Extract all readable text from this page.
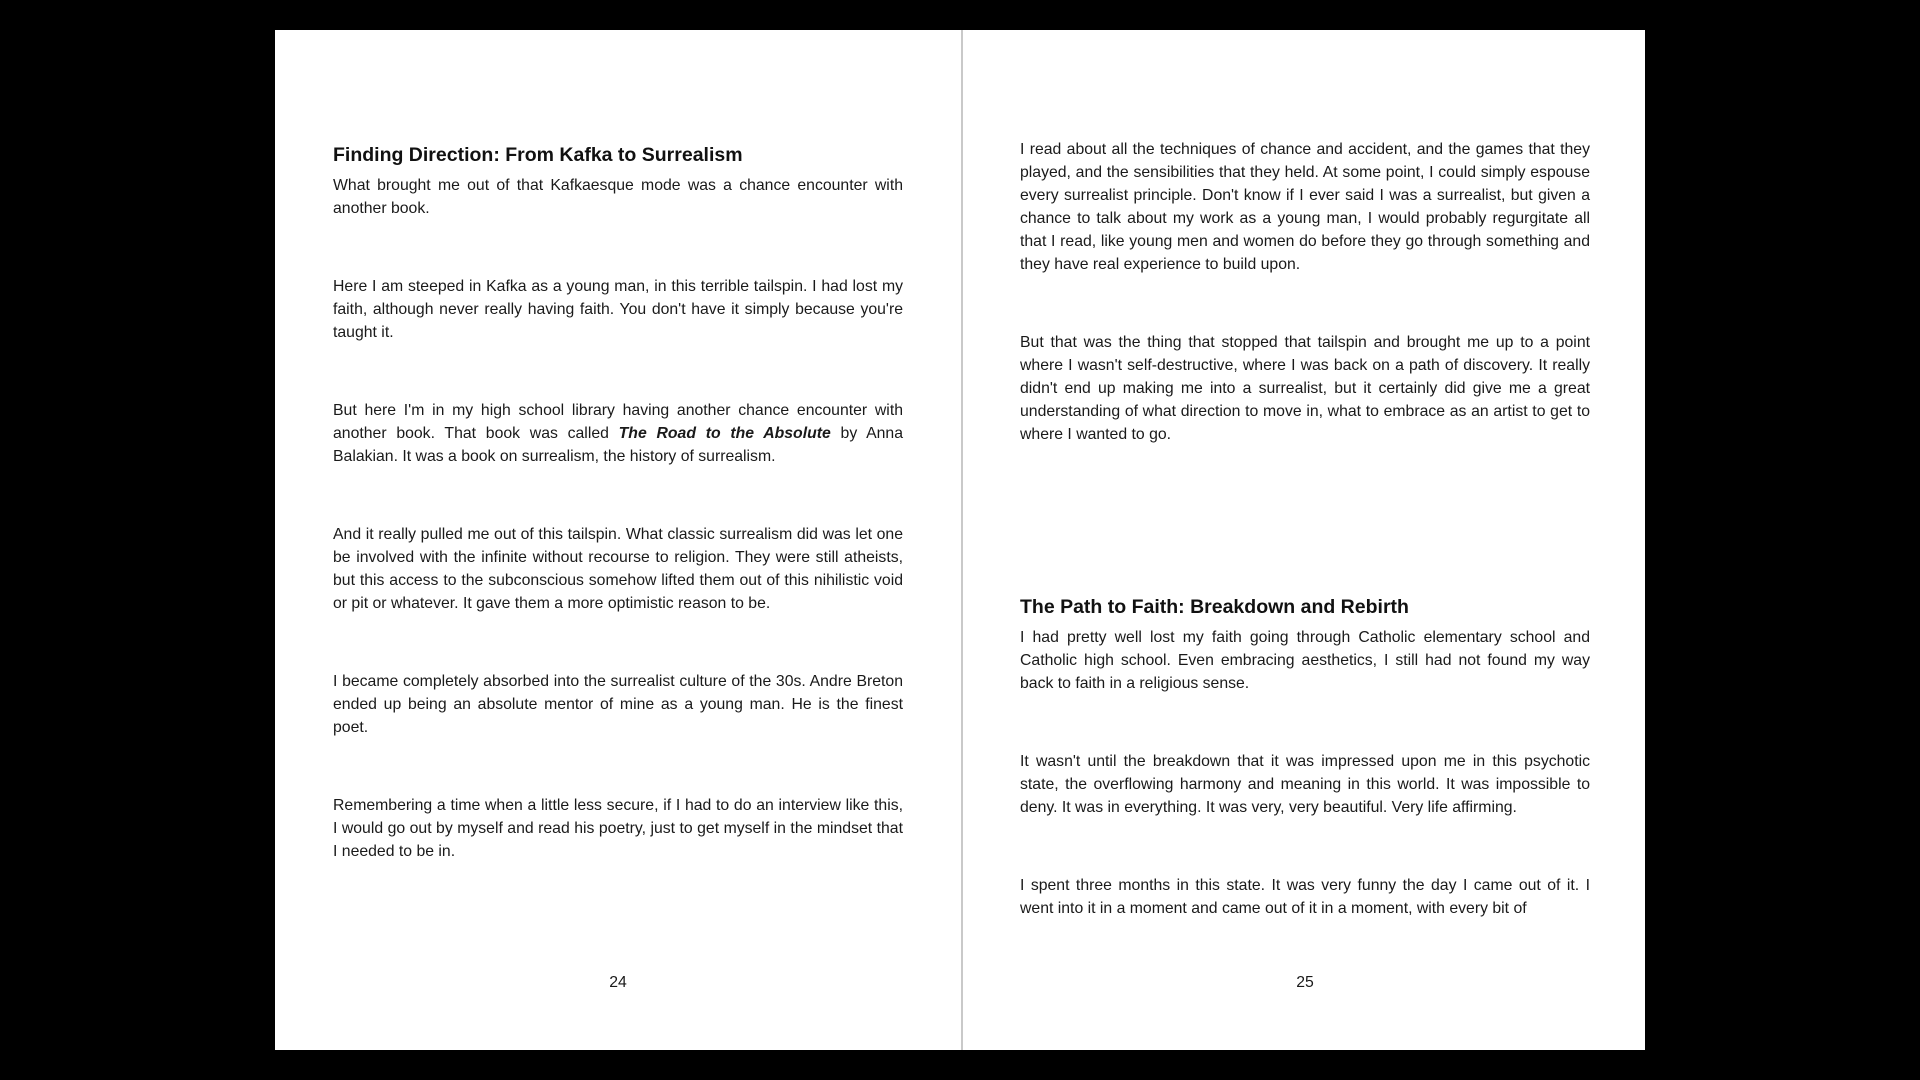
Finding Direction: From Kafka to Surrealism

What brought me out of that Kafkaesque mode was a chance encounter with another book.

Here I am steeped in Kafka as a young man, in this terrible tailspin. I had lost my faith, although never really having faith. You don't have it simply because you're taught it.

But here I'm in my high school library having another chance encounter with another book. That book was called The Road to the Absolute by Anna Balakian. It was a book on surrealism, the history of surrealism.

And it really pulled me out of this tailspin. What classic surrealism did was let one be involved with the infinite without recourse to religion. They were still atheists, but this access to the subconscious somehow lifted them out of this nihilistic void or pit or whatever. It gave them a more optimistic reason to be.

I became completely absorbed into the surrealist culture of the 30s. Andre Breton ended up being an absolute mentor of mine as a young man. He is the finest poet.

Remembering a time when a little less secure, if I had to do an interview like this, I would go out by myself and read his poetry, just to get myself in the mindset that I needed to be in.

24

I read about all the techniques of chance and accident, and the games that they played, and the sensibilities that they held. At some point, I could simply espouse every surrealist principle. Don't know if I ever said I was a surrealist, but given a chance to talk about my work as a young man, I would probably regurgitate all that I read, like young men and women do before they go through something and they have real experience to build upon.

But that was the thing that stopped that tailspin and brought me up to a point where I wasn't self-destructive, where I was back on a path of discovery. It really didn't end up making me into a surrealist, but it certainly did give me a great understanding of what direction to move in, what to embrace as an artist to get to where I wanted to go.

The Path to Faith: Breakdown and Rebirth

I had pretty well lost my faith going through Catholic elementary school and Catholic high school. Even embracing aesthetics, I still had not found my way back to faith in a religious sense.

It wasn't until the breakdown that it was impressed upon me in this psychotic state, the overflowing harmony and meaning in this world. It was impossible to deny. It was in everything. It was very, very beautiful. Very life affirming.

I spent three months in this state. It was very funny the day I came out of it. I went into it in a moment and came out of it in a moment, with every bit of

25
